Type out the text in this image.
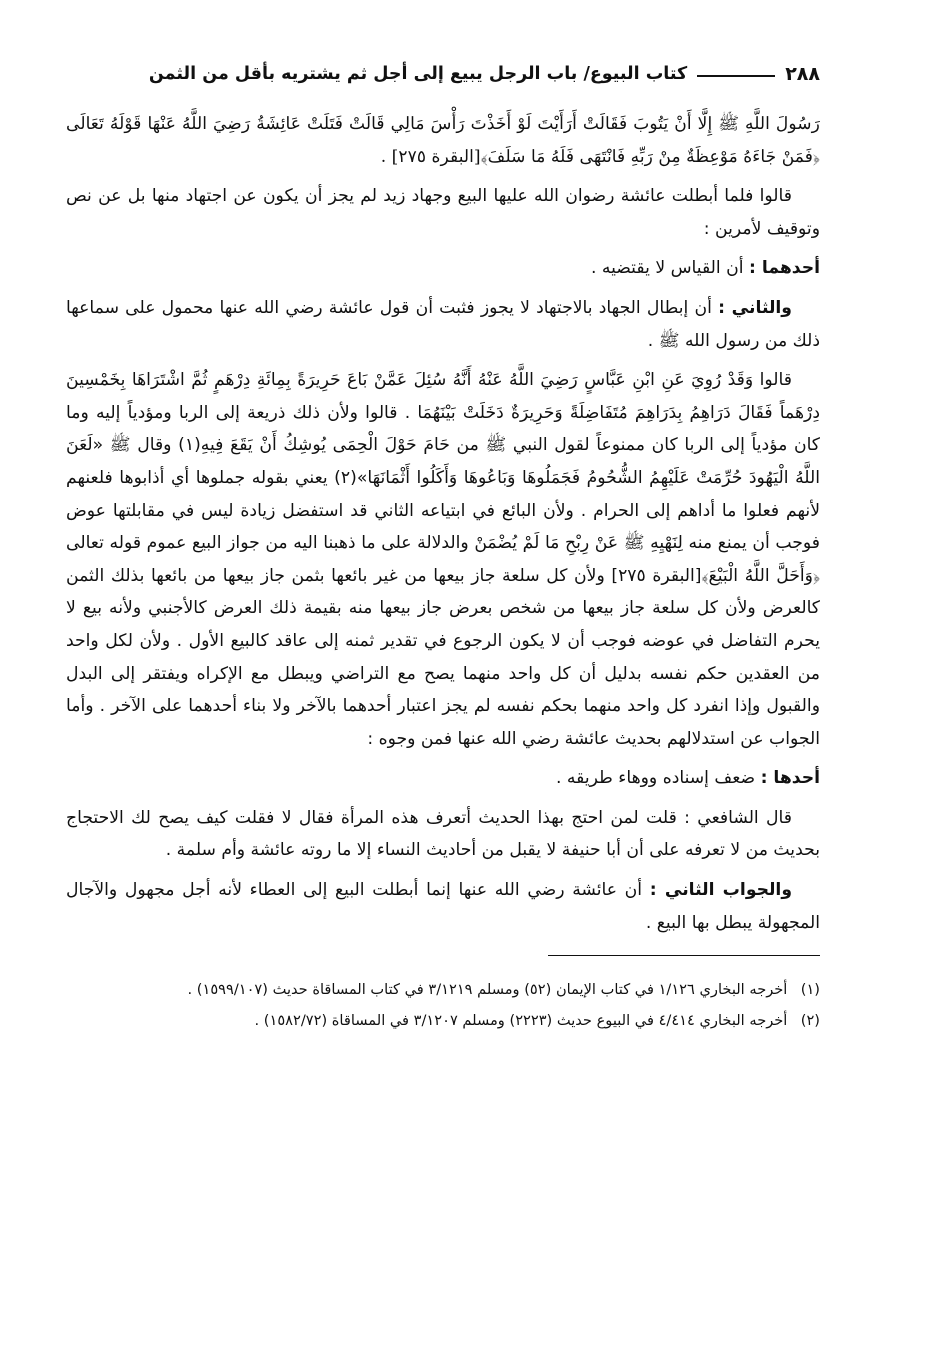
٢٨٨
كتاب البيوع/ باب الرجل يبيع إلى أجل ثم يشتريه بأقل من الثمن

رَسُولَ اللَّهِ ﷺ إِلَّا أَنْ يَتُوبَ فَقَالَتْ أَرَأَيْتَ لَوْ أَخَذْتَ رَأْسَ مَالِي قَالَتْ فَتَلَتْ عَائِشَةُ رَضِيَ اللَّهُ عَنْهَا قَوْلَهُ تَعَالَى ﴿فَمَنْ جَاءَهُ مَوْعِظَةٌ مِنْ رَبِّهِ فَانْتَهَى فَلَهُ مَا سَلَفَ﴾[البقرة ٢٧٥] .

قالوا فلما أبطلت عائشة رضوان الله عليها البيع وجهاد زيد لم يجز أن يكون عن اجتهاد منها بل عن نص وتوقيف لأمرين :

أحدهما : أن القياس لا يقتضيه .

والثاني : أن إبطال الجهاد بالاجتهاد لا يجوز فثبت أن قول عائشة رضي الله عنها محمول على سماعها ذلك من رسول الله ﷺ .

قالوا وَقَدْ رُوِيَ عَنِ ابْنِ عَبَّاسٍ رَضِيَ اللَّهُ عَنْهُ أَنَّهُ سُئِلَ عَمَّنْ بَاعَ حَرِيرَةً بِمِائَةِ دِرْهَمٍ ثُمَّ اشْتَرَاهَا بِخَمْسِينَ دِرْهَماً فَقَالَ دَرَاهِمُ بِدَرَاهِمَ مُتَفَاضِلَةً وَحَرِيرَةٌ دَخَلَتْ بَيْنَهُمَا . قالوا ولأن ذلك ذريعة إلى الربا ومؤدياً إليه وما كان مؤدياً إلى الربا كان ممنوعاً لقول النبي ﷺ من حَامَ حَوْلَ الْحِمَى يُوشِكُ أَنْ يَقَعَ فِيهِ(١) وقال ﷺ «لَعَنَ اللَّهُ الْيَهُودَ حُرِّمَتْ عَلَيْهِمُ الشُّحُومُ فَجَمَلُوهَا وَبَاعُوهَا وَأَكَلُوا أَثْمَانَهَا»(٢) يعني بقوله جملوها أي أذابوها فلعنهم لأنهم فعلوا ما أداهم إلى الحرام . ولأن البائع في ابتياعه الثاني قد استفضل زيادة ليس في مقابلتها عوض فوجب أن يمنع منه لِنَهْيِهِ ﷺ عَنْ رِبْحِ مَا لَمْ يُضْمَنْ والدلالة على ما ذهبنا اليه من جواز البيع عموم قوله تعالى ﴿وَأَحَلَّ اللَّهُ الْبَيْعَ﴾[البقرة ٢٧٥] ولأن كل سلعة جاز بيعها من غير بائعها بثمن جاز بيعها من بائعها بذلك الثمن كالعرض ولأن كل سلعة جاز بيعها من شخص بعرض جاز بيعها منه بقيمة ذلك العرض كالأجنبي ولأنه بيع لا يحرم التفاضل في عوضه فوجب أن لا يكون الرجوع في تقدير ثمنه إلى عاقد كالبيع الأول . ولأن لكل واحد من العقدين حكم نفسه بدليل أن كل واحد منهما يصح مع التراضي ويبطل مع الإكراه ويفتقر إلى البدل والقبول وإذا انفرد كل واحد منهما بحكم نفسه لم يجز اعتبار أحدهما بالآخر ولا بناء أحدهما على الآخر . وأما الجواب عن استدلالهم بحديث عائشة رضي الله عنها فمن وجوه :

أحدها : ضعف إسناده ووهاء طريقه .

قال الشافعي : قلت لمن احتج بهذا الحديث أتعرف هذه المرأة فقال لا فقلت كيف يصح لك الاحتجاج بحديث من لا تعرفه على أن أبا حنيفة لا يقبل من أحاديث النساء إلا ما روته عائشة وأم سلمة .

والجواب الثاني : أن عائشة رضي الله عنها إنما أبطلت البيع إلى العطاء لأنه أجل مجهول والآجال المجهولة يبطل بها البيع .

(١) أخرجه البخاري ١/١٢٦ في كتاب الإيمان (٥٢) ومسلم ٣/١٢١٩ في كتاب المساقاة حديث (١٥٩٩/١٠٧) .

(٢) أخرجه البخاري ٤/٤١٤ في البيوع حديث (٢٢٢٣) ومسلم ٣/١٢٠٧ في المساقاة (١٥٨٢/٧٢) .
